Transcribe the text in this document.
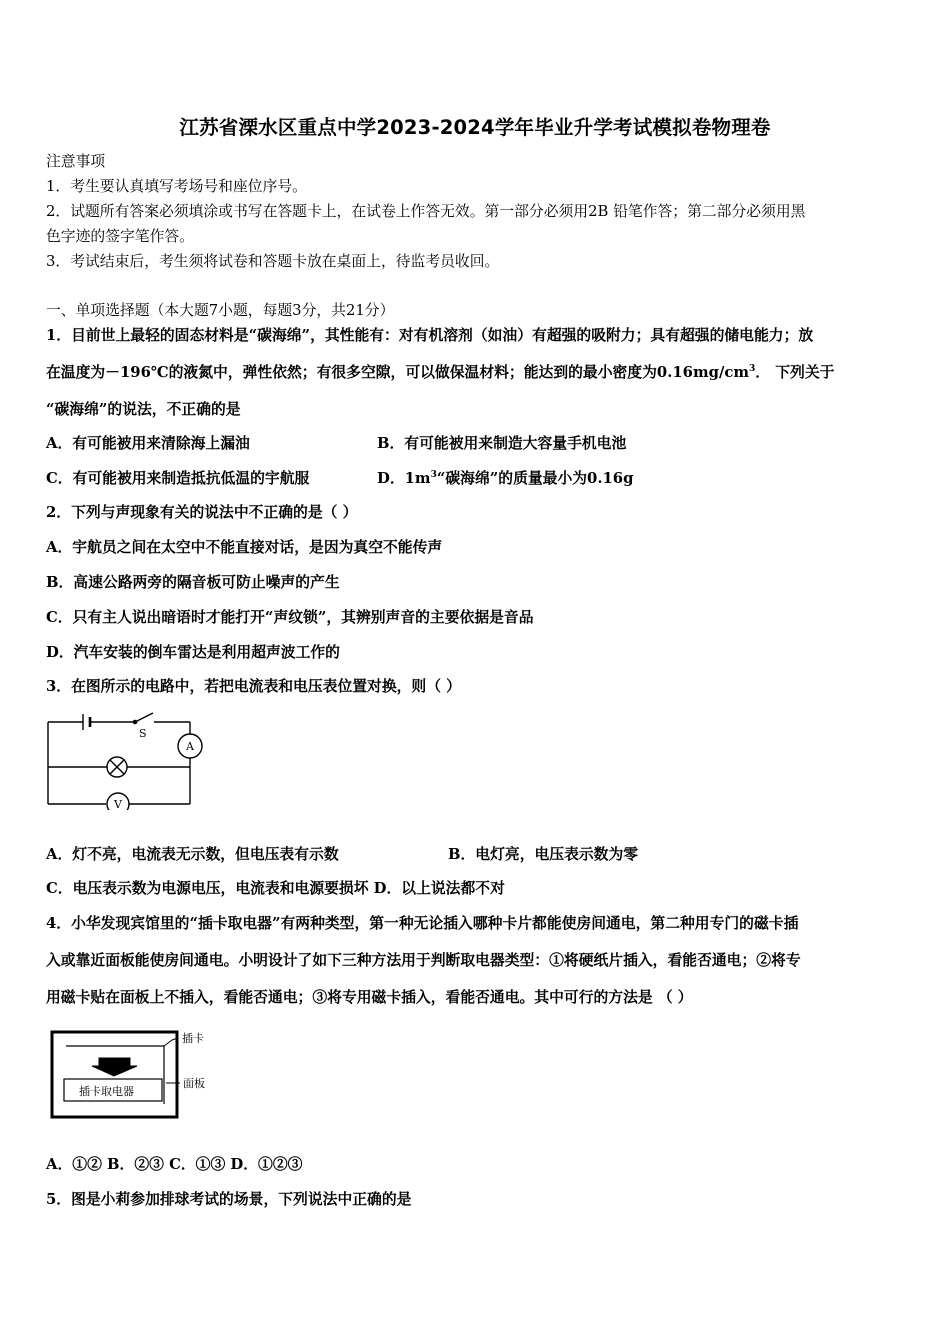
江苏省溧水区重点中学2023-2024学年毕业升学考试模拟卷物理卷
注意事项
1．考生要认真填写考场号和座位序号。
2．试题所有答案必须填涂或书写在答题卡上，在试卷上作答无效。第一部分必须用2B 铅笔作答；第二部分必须用黑
色字迹的签字笔作答。
3．考试结束后，考生须将试卷和答题卡放在桌面上，待监考员收回。
一、单项选择题（本大题7小题，每题3分，共21分）
1．目前世上最轻的固态材料是“碳海绵”，其性能有：对有机溶剂（如油）有超强的吸附力；具有超强的储电能力；放
在温度为－196℃的液氮中，弹性依然；有很多空隙，可以做保温材料；能达到的最小密度为$0.16mg/cm^3$． 下列关于
“碳海绵”的说法，不正确的是
A．有可能被用来清除海上漏油	B．有可能被用来制造大容量手机电池
C．有可能被用来制造抵抗低温的宇航服	D．$1m^3“$碳海绵”的质量最小为0.16g
2．下列与声现象有关的说法中不正确的是（ ）
A．宇航员之间在太空中不能直接对话，是因为真空不能传声
B．高速公路两旁的隔音板可防止噪声的产生
C．只有主人说出暗语时才能打开“声纹锁”，其辨别声音的主要依据是音品
D．汽车安装的倒车雷达是利用超声波工作的
3．在图所示的电路中，若把电流表和电压表位置对换，则（ ）
S
A
V
A．灯不亮，电流表无示数，但电压表有示数	B．电灯亮，电压表示数为零
C．电压表示数为电源电压，电流表和电源要损坏 D．以上说法都不对
4．小华发现宾馆里的“插卡取电器”有两种类型，第一种无论插入哪种卡片都能使房间通电，第二种用专门的磁卡插
入或靠近面板能使房间通电。小明设计了如下三种方法用于判断取电器类型：①将硬纸片插入，看能否通电；②将专
用磁卡贴在面板上不插入，看能否通电；③将专用磁卡插入，看能否通电。其中可行的方法是 （ ）
插卡取电器
插卡
面板
A．①② B．②③ C．①③ D．①②③
5．图是小莉参加排球考试的场景，下列说法中正确的是
